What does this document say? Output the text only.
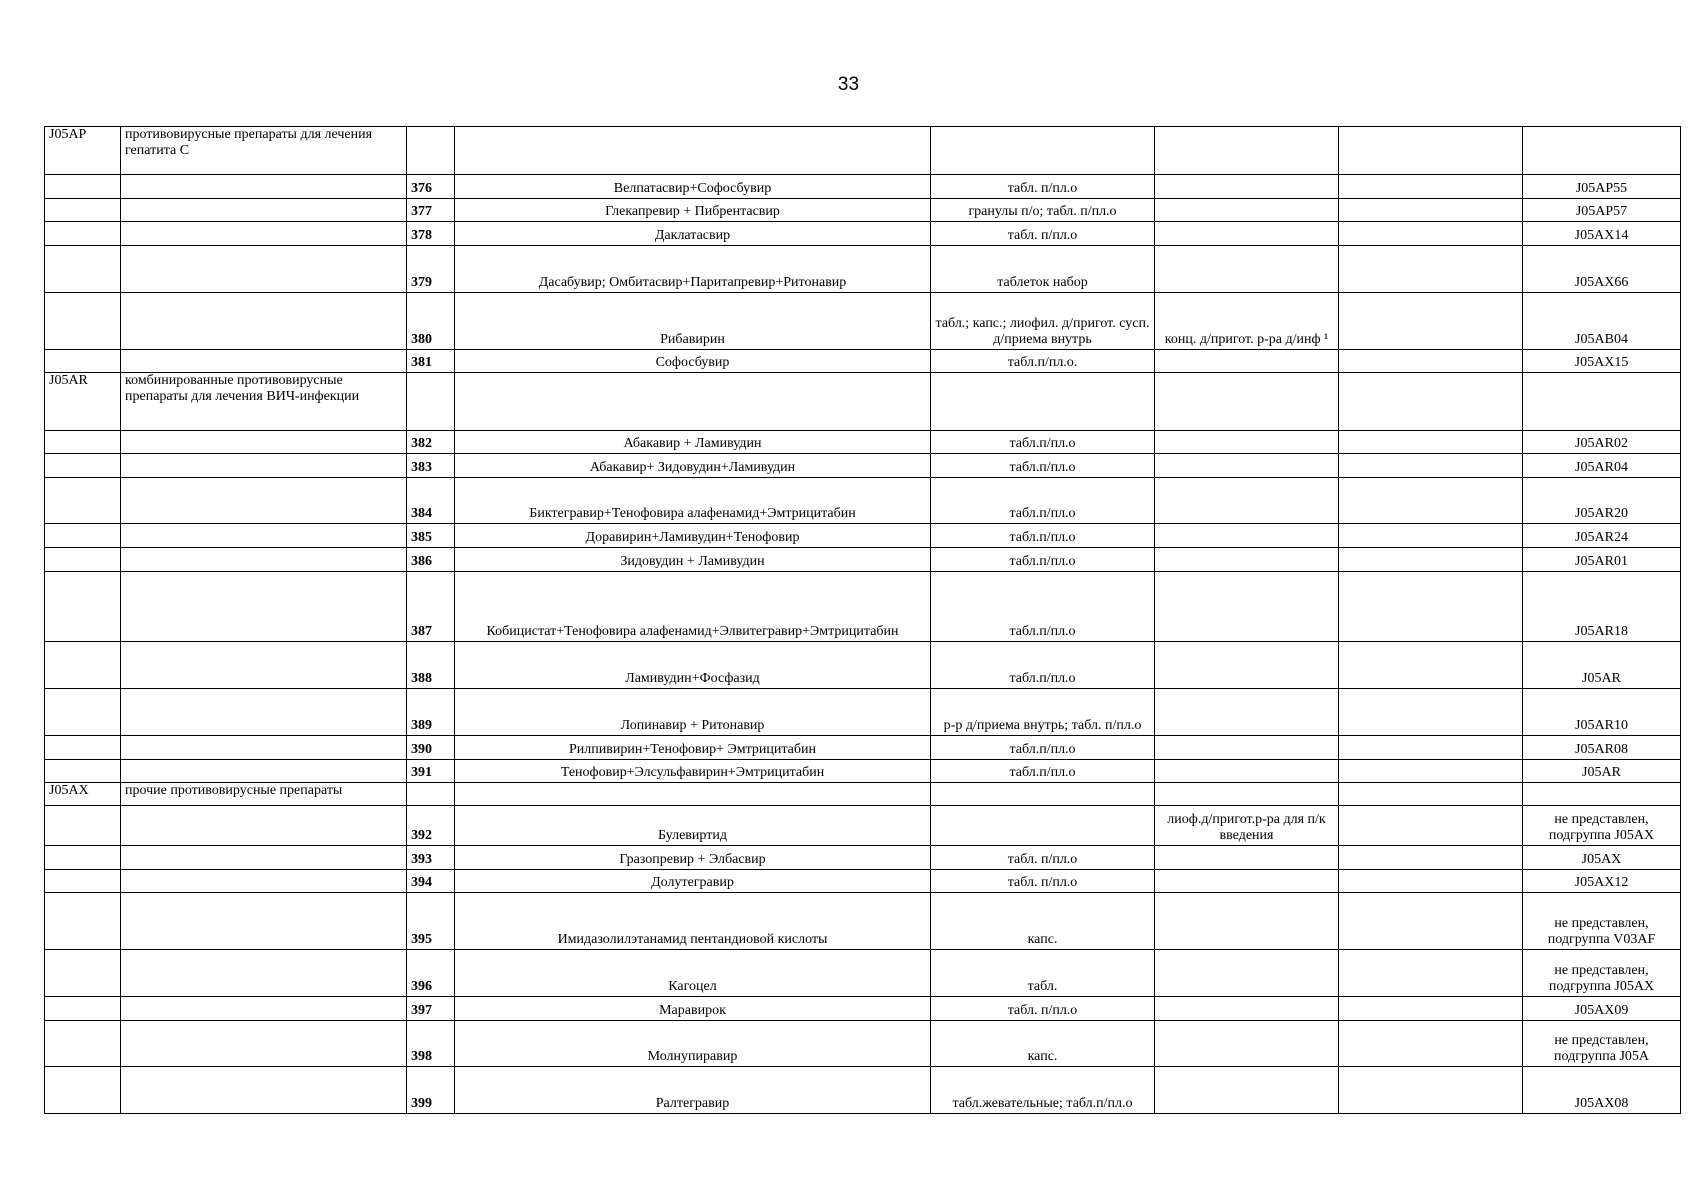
33
J05AP	противовирусные препараты для лечения гепатита С						
		376	Велпатасвир+Софосбувир	табл. п/пл.о			J05AP55
		377	Глекапревир + Пибрентасвир	гранулы п/о; табл. п/пл.о			J05AP57
		378	Даклатасвир	табл. п/пл.о			J05AX14
		379	Дасабувир; Омбитасвир+Паритапревир+Ритонавир	таблеток набор			J05AX66
		380	Рибавирин	табл.; капс.; лиофил. д/пригот. сусп. д/приема внутрь	конц. д/пригот. р-ра д/инф ¹		J05AB04
		381	Софосбувир	табл.п/пл.о.			J05AX15
J05AR	комбинированные противовирусные препараты для лечения ВИЧ-инфекции						
		382	Абакавир + Ламивудин	табл.п/пл.о			J05AR02
		383	Абакавир+ Зидовудин+Ламивудин	табл.п/пл.о			J05AR04
		384	Биктегравир+Тенофовира алафенамид+Эмтрицитабин	табл.п/пл.о			J05AR20
		385	Доравирин+Ламивудин+Тенофовир	табл.п/пл.о			J05AR24
		386	Зидовудин + Ламивудин	табл.п/пл.о			J05AR01
		387	Кобицистат+Тенофовира алафенамид+Элвитегравир+Эмтрицитабин	табл.п/пл.о			J05AR18
		388	Ламивудин+Фосфазид	табл.п/пл.о			J05AR
		389	Лопинавир + Ритонавир	р-р д/приема внутрь; табл. п/пл.о			J05AR10
		390	Рилпивирин+Тенофовир+ Эмтрицитабин	табл.п/пл.о			J05AR08
		391	Тенофовир+Элсульфавирин+Эмтрицитабин	табл.п/пл.о			J05AR
J05AX	прочие противовирусные препараты						
		392	Булевиртид		лиоф.д/пригот.р-ра для п/к введения		не представлен, подгруппа J05AX
		393	Гразопревир + Элбасвир	табл. п/пл.о			J05AX
		394	Долутегравир	табл. п/пл.о			J05AX12
		395	Имидазолилэтанамид пентандиовой кислоты	капс.			не представлен, подгруппа V03AF
		396	Кагоцел	табл.			не представлен, подгруппа J05AX
		397	Маравирок	табл. п/пл.о			J05AX09
		398	Молнупиравир	капс.			не представлен, подгруппа J05A
		399	Ралтегравир	табл.жевательные; табл.п/пл.о			J05AX08
